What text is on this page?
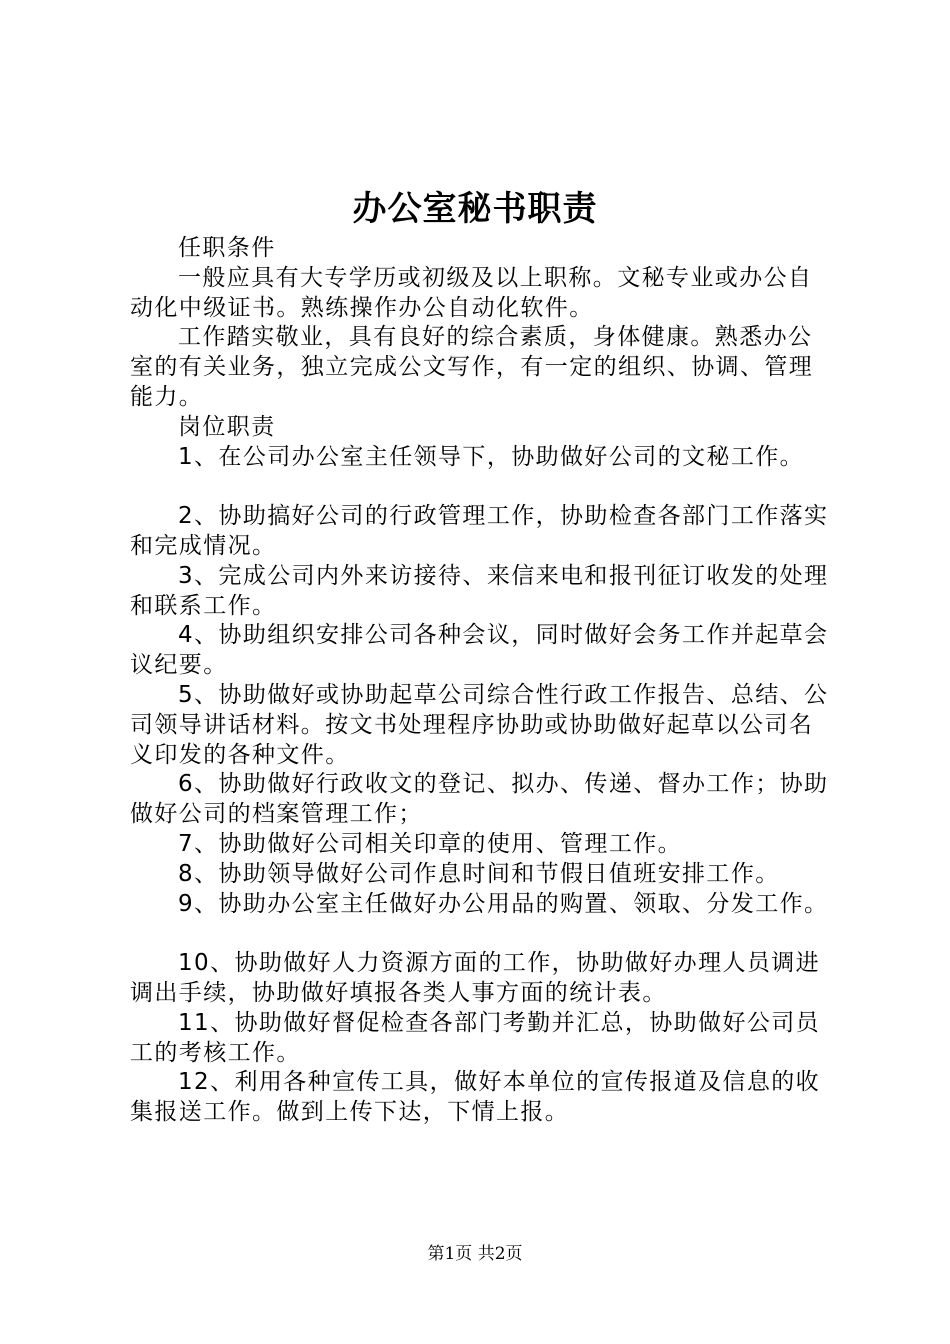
办公室秘书职责

任职条件

一般应具有大专学历或初级及以上职称。文秘专业或办公自动化中级证书。熟练操作办公自动化软件。

工作踏实敬业，具有良好的综合素质，身体健康。熟悉办公室的有关业务，独立完成公文写作，有一定的组织、协调、管理能力。

岗位职责

1、在公司办公室主任领导下，协助做好公司的文秘工作。

2、协助搞好公司的行政管理工作，协助检查各部门工作落实和完成情况。

3、完成公司内外来访接待、来信来电和报刊征订收发的处理和联系工作。

4、协助组织安排公司各种会议，同时做好会务工作并起草会议纪要。

5、协助做好或协助起草公司综合性行政工作报告、总结、公司领导讲话材料。按文书处理程序协助或协助做好起草以公司名义印发的各种文件。

6、协助做好行政收文的登记、拟办、传递、督办工作；协助做好公司的档案管理工作；

7、协助做好公司相关印章的使用、管理工作。

8、协助领导做好公司作息时间和节假日值班安排工作。

9、协助办公室主任做好办公用品的购置、领取、分发工作。

10、协助做好人力资源方面的工作，协助做好办理人员调进调出手续，协助做好填报各类人事方面的统计表。

11、协助做好督促检查各部门考勤并汇总，协助做好公司员工的考核工作。

12、利用各种宣传工具，做好本单位的宣传报道及信息的收集报送工作。做到上传下达，下情上报。

第1页 共2页
